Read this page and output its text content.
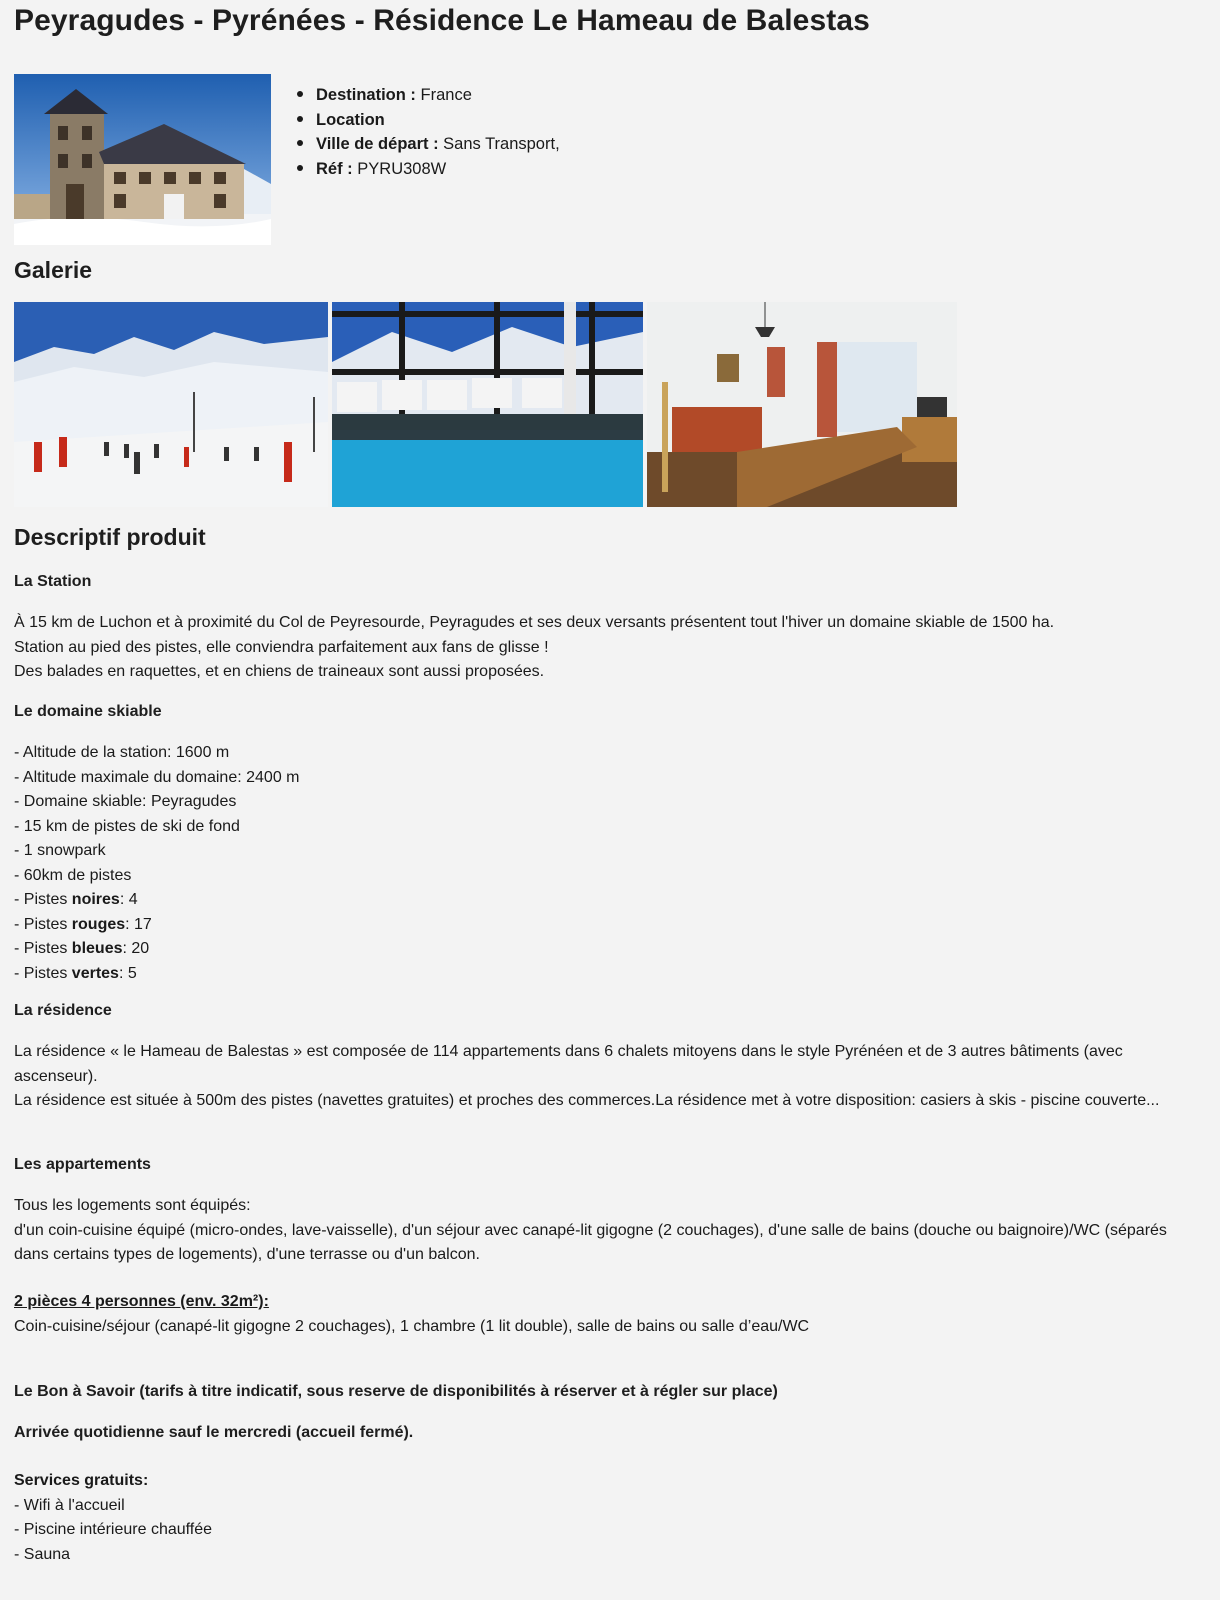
Peyragudes - Pyrénées - Résidence Le Hameau de Balestas
Destination : France
Location
Ville de départ : Sans Transport,
Réf : PYRU308W
Galerie
Descriptif produit
La Station
À 15 km de Luchon et à proximité du Col de Peyresourde, Peyragudes et ses deux versants présentent tout l'hiver un domaine skiable de 1500 ha.
Station au pied des pistes, elle conviendra parfaitement aux fans de glisse !
Des balades en raquettes, et en chiens de traineaux sont aussi proposées.
Le domaine skiable
- Altitude de la station: 1600 m
- Altitude maximale du domaine: 2400 m
- Domaine skiable: Peyragudes
- 15 km de pistes de ski de fond
- 1 snowpark
- 60km de pistes
- Pistes noires: 4
- Pistes rouges: 17
- Pistes bleues: 20
- Pistes vertes: 5
La résidence
La résidence « le Hameau de Balestas » est composée de 114 appartements dans 6 chalets mitoyens dans le style Pyrénéen et de 3 autres bâtiments (avec ascenseur).
La résidence est située à 500m des pistes (navettes gratuites) et proches des commerces.La résidence met à votre disposition: casiers à skis - piscine couverte...
Les appartements
Tous les logements sont équipés:
d'un coin-cuisine équipé (micro-ondes, lave-vaisselle), d'un séjour avec canapé-lit gigogne (2 couchages), d'une salle de bains (douche ou baignoire)/WC (séparés dans certains types de logements), d'une terrasse ou d'un balcon.
2 pièces 4 personnes (env. 32m²):
Coin-cuisine/séjour (canapé-lit gigogne 2 couchages), 1 chambre (1 lit double), salle de bains ou salle d’eau/WC
Le Bon à Savoir (tarifs à titre indicatif, sous reserve de disponibilités à réserver et à régler sur place)
Arrivée quotidienne sauf le mercredi (accueil fermé).
Services gratuits:
- Wifi à l'accueil
- Piscine intérieure chauffée
- Sauna
